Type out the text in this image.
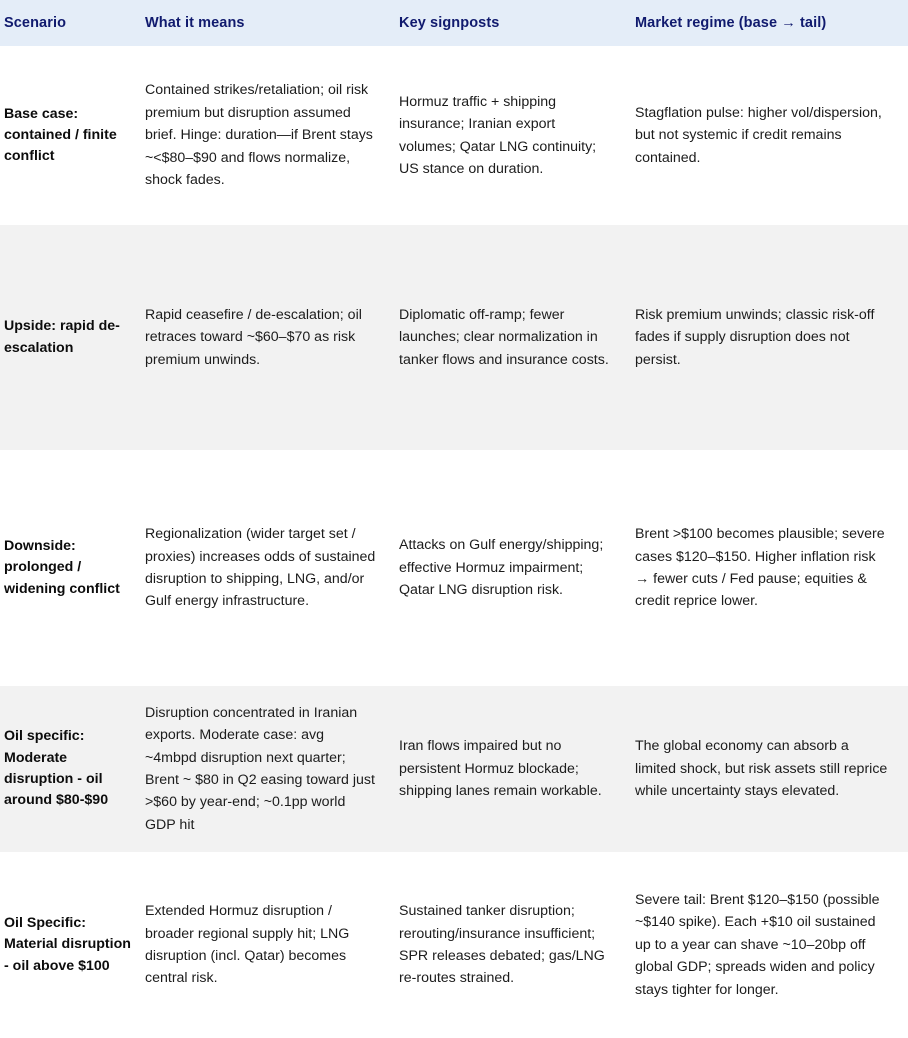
Scenario	What it means	Key signposts	Market regime (base → tail)

Base case: contained / finite conflict	Contained strikes/retaliation; oil risk premium but disruption assumed brief. Hinge: duration—if Brent stays ~<$80–$90 and flows normalize, shock fades.	Hormuz traffic + shipping insurance; Iranian export volumes; Qatar LNG continuity; US stance on duration.	Stagflation pulse: higher vol/dispersion, but not systemic if credit remains contained.
Upside: rapid de-escalation	Rapid ceasefire / de-escalation; oil retraces toward ~$60–$70 as risk premium unwinds.	Diplomatic off-ramp; fewer launches; clear normalization in tanker flows and insurance costs.	Risk premium unwinds; classic risk-off fades if supply disruption does not persist.
Downside: prolonged / widening conflict	Regionalization (wider target set / proxies) increases odds of sustained disruption to shipping, LNG, and/or Gulf energy infrastructure.	Attacks on Gulf energy/shipping; effective Hormuz impairment; Qatar LNG disruption risk.	Brent >$100 becomes plausible; severe cases $120–$150. Higher inflation risk → fewer cuts / Fed pause; equities & credit reprice lower.
Oil specific: Moderate disruption - oil around $80-$90	Disruption concentrated in Iranian exports. Moderate case: avg ~4mbpd disruption next quarter; Brent ~ $80 in Q2 easing toward just >$60 by year-end; ~0.1pp world GDP hit	Iran flows impaired but no persistent Hormuz blockade; shipping lanes remain workable.	The global economy can absorb a limited shock, but risk assets still reprice while uncertainty stays elevated.
Oil Specific: Material disruption - oil above $100	Extended Hormuz disruption / broader regional supply hit; LNG disruption (incl. Qatar) becomes central risk.	Sustained tanker disruption; rerouting/insurance insufficient; SPR releases debated; gas/LNG re-routes strained.	Severe tail: Brent $120–$150 (possible ~$140 spike). Each +$10 oil sustained up to a year can shave ~10–20bp off global GDP; spreads widen and policy stays tighter for longer.
